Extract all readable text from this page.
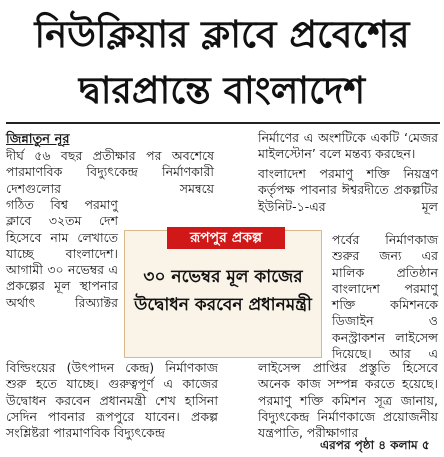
নিউক্লিয়ার ক্লাবে প্রবেশের
দ্বারপ্রান্তে বাংলাদেশ
জিন্নাতুন নূর
দীর্ঘ ৫৬ বছর প্রতীক্ষার পর অবশেষে পারমাণবিক বিদ্যুৎকেন্দ্র নির্মাণকারী দেশগুলোর সমন্বয়ে
গঠিত বিশ্ব পরমাণু ক্লাবে ৩২তম দেশ হিসেবে নাম লেখাতে যাচ্ছে বাংলাদেশ। আগামী ৩০ নভেম্বর এ প্রকল্পের মূল স্থাপনার অর্থাৎ রিঅ্যাক্টর
বিল্ডিংয়ের (উৎপাদন কেন্দ্র) নির্মাণকাজ শুরু হতে যাচ্ছে। গুরুত্বপূর্ণ এ কাজের উদ্বোধন করবেন প্রধানমন্ত্রী শেখ হাসিনা সেদিন পাবনার রূপপুরে যাবেন। প্রকল্প সংশ্লিষ্টরা পারমাণবিক বিদ্যুৎকেন্দ্র
নির্মাণের এ অংশটিকে একটি ‘মেজর মাইলস্টোন’ বলে মন্তব্য করছেন।
বাংলাদেশ পরমাণু শক্তি নিয়ন্ত্রণ কর্তৃপক্ষ পাবনার ঈশ্বরদীতে প্রকল্পটির ইউনিট-১-এর মূল
পর্বের নির্মাণকাজ শুরুর জন্য এর মালিক প্রতিষ্ঠান বাংলাদেশ পরমাণু শক্তি কমিশনকে ডিজাইন ও কনস্ট্রাকশন লাইসেন্স দিয়েছে। আর এ
লাইসেন্স প্রাপ্তির প্রস্তুতি হিসেবে অনেক কাজ সম্পন্ন করতে হয়েছে। পরমাণু শক্তি কমিশন সূত্র জানায়, বিদ্যুৎকেন্দ্র নির্মাণকাজে প্রয়োজনীয় যন্ত্রপাতি, পরীক্ষাগার
এরপর পৃষ্ঠা ৪ কলাম ৫
রূপপুর প্রকল্প
৩০ নভেম্বর মূল কাজের উদ্বোধন করবেন প্রধানমন্ত্রী
